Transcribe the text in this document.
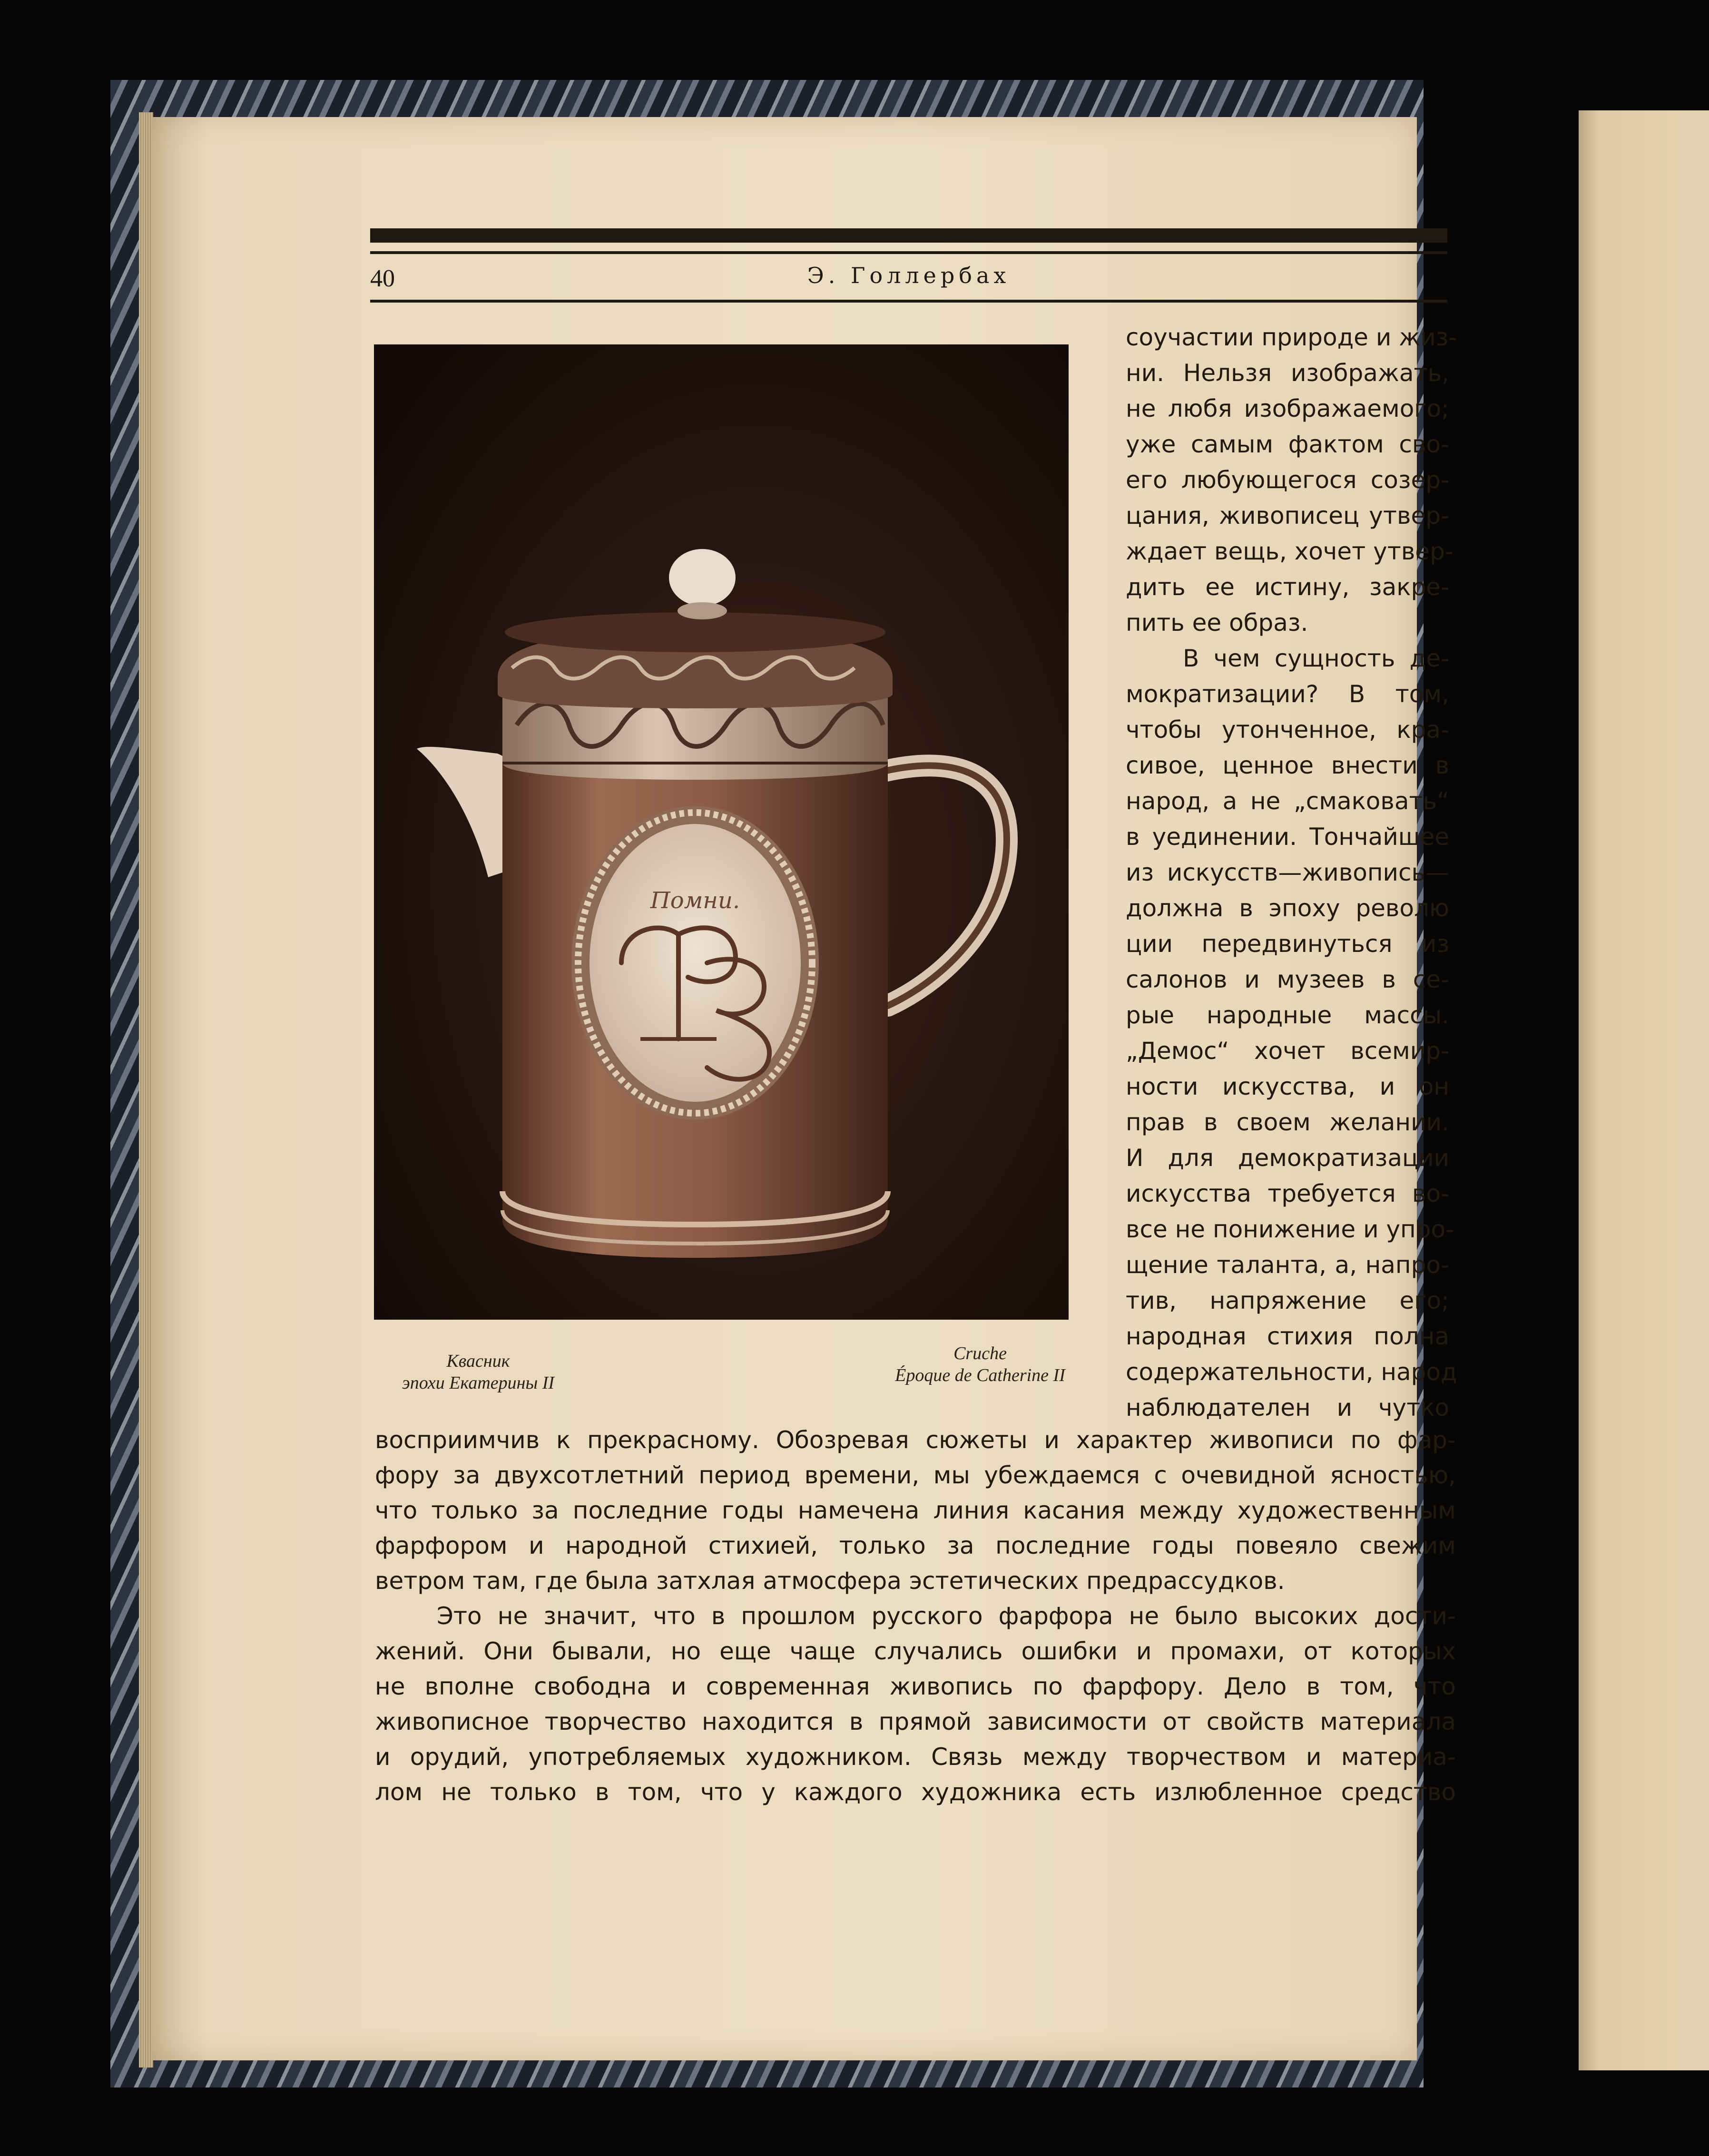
40	Э. Голлербах

Помни.

Квасник
эпохи Екатерины II

Cruche
Époque de Catherine II

соучастии природе и жиз-
ни. Нельзя изображать,
не любя изображаемого;
уже самым фактом сво-
его любующегося созер-
цания, живописец утвер-
ждает вещь, хочет утвер-
дить ее истину, закре-
пить ее образ.
В чем сущность де-
мократизации? В том,
чтобы утонченное, кра-
сивое, ценное внести в
народ, а не „смаковать“
в уединении. Тончайшее
из искусств—живопись—
должна в эпоху револю
ции передвинуться из
салонов и музеев в се-
рые народные массы.
„Демос“ хочет всемир-
ности искусства, и он
прав в своем желании.
И для демократизации
искусства требуется во-
все не понижение и упро-
щение таланта, а, напро-
тив, напряжение его;
народная стихия полна
содержательности, народ
наблюдателен и чутко
восприимчив к прекрасному. Обозревая сюжеты и характер живописи по фар-
фору за двухсотлетний период времени, мы убеждаемся с очевидной ясностью,
что только за последние годы намечена линия касания между художественным
фарфором и народной стихией, только за последние годы повеяло свежим
ветром там, где была затхлая атмосфера эстетических предрассудков.
Это не значит, что в прошлом русского фарфора не было высоких дости-
жений. Они бывали, но еще чаще случались ошибки и промахи, от которых
не вполне свободна и современная живопись по фарфору. Дело в том, что
живописное творчество находится в прямой зависимости от свойств материала
и орудий, употребляемых художником. Связь между творчеством и материа-
лом не только в том, что у каждого художника есть излюбленное средство
